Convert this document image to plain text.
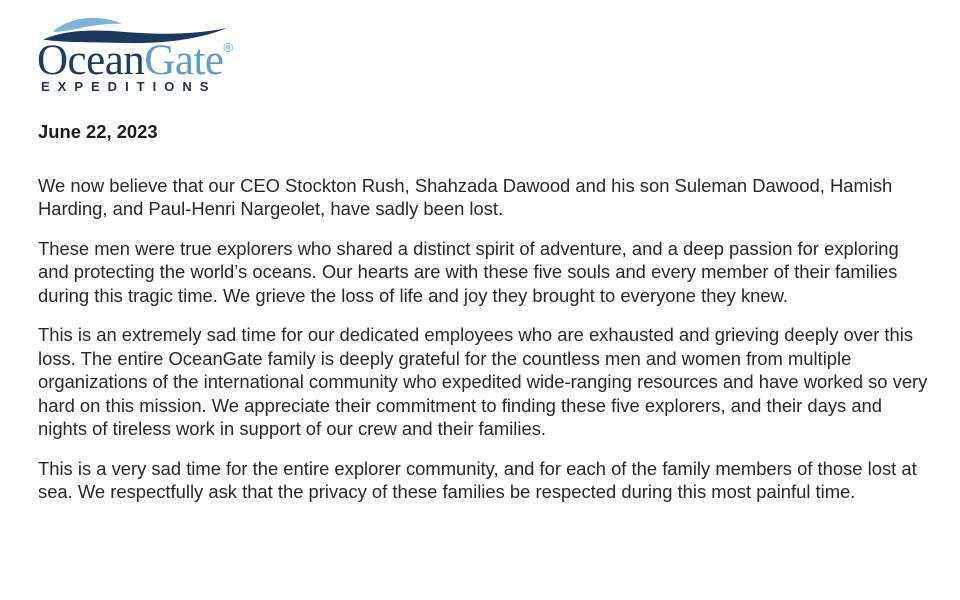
OceanGate®
EXPEDITIONS

June 22, 2023

We now believe that our CEO Stockton Rush, Shahzada Dawood and his son Suleman Dawood, Hamish Harding, and Paul-Henri Nargeolet, have sadly been lost.

These men were true explorers who shared a distinct spirit of adventure, and a deep passion for exploring and protecting the world’s oceans. Our hearts are with these five souls and every member of their families during this tragic time. We grieve the loss of life and joy they brought to everyone they knew.

This is an extremely sad time for our dedicated employees who are exhausted and grieving deeply over this loss. The entire OceanGate family is deeply grateful for the countless men and women from multiple organizations of the international community who expedited wide-ranging resources and have worked so very hard on this mission. We appreciate their commitment to finding these five explorers, and their days and nights of tireless work in support of our crew and their families.

This is a very sad time for the entire explorer community, and for each of the family members of those lost at sea. We respectfully ask that the privacy of these families be respected during this most painful time.
